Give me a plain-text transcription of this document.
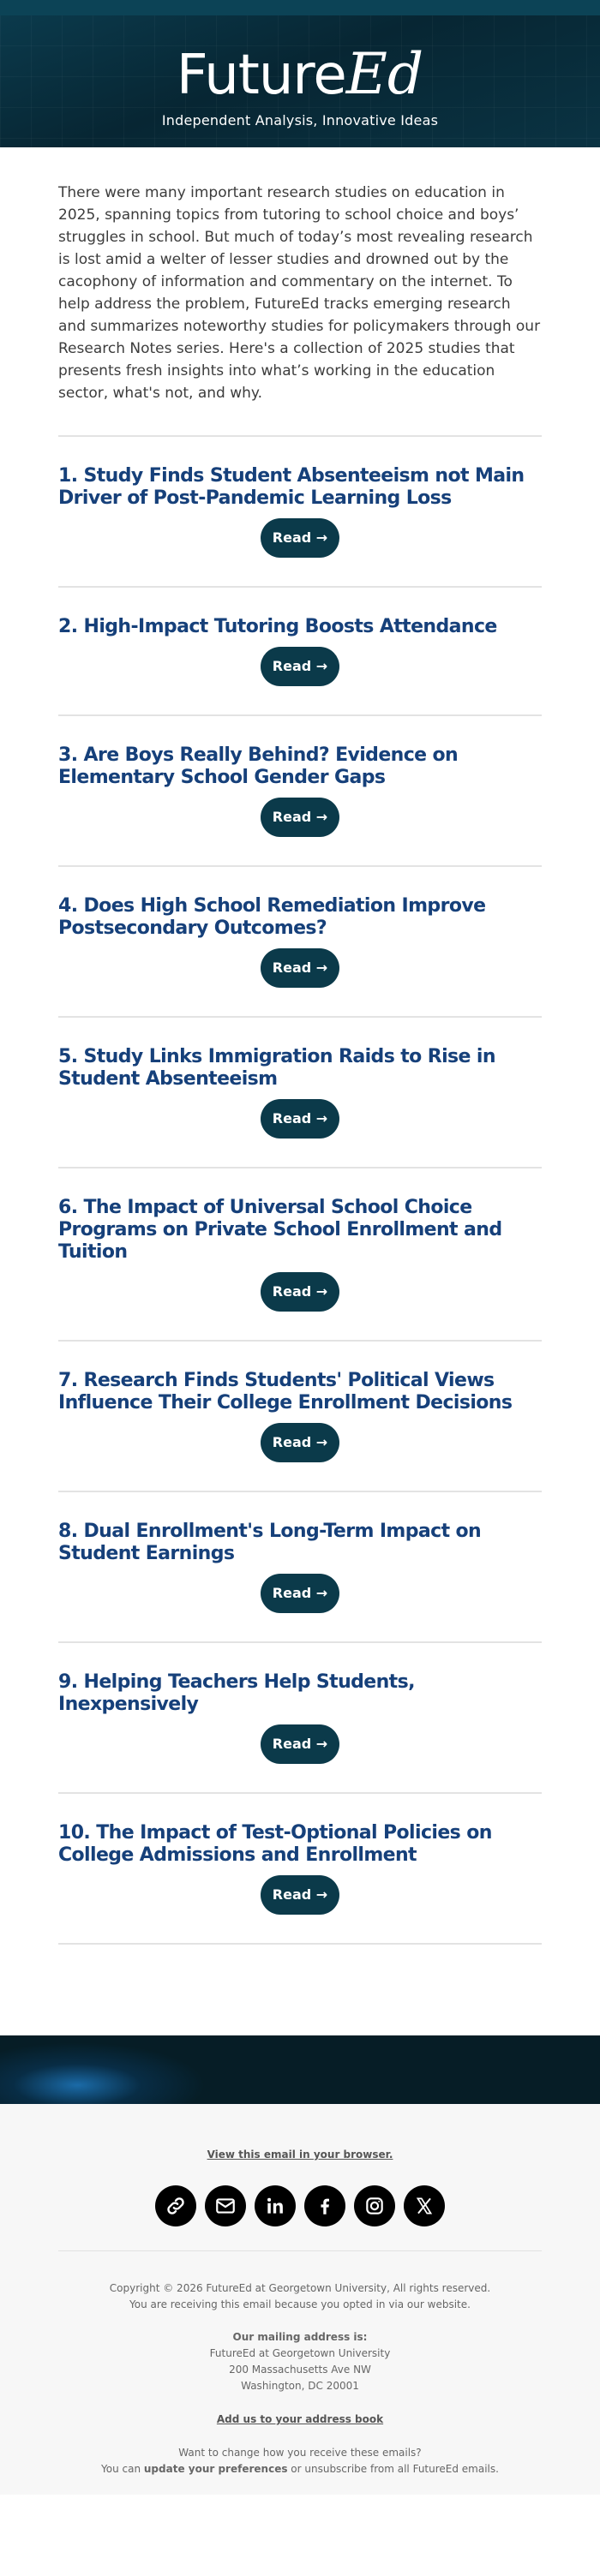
FutureEd
Independent Analysis, Innovative Ideas

There were many important research studies on education in 2025, spanning topics from tutoring to school choice and boys’ struggles in school. But much of today’s most revealing research is lost amid a welter of lesser studies and drowned out by the cacophony of information and commentary on the internet. To help address the problem, FutureEd tracks emerging research and summarizes noteworthy studies for policymakers through our Research Notes series. Here's a collection of 2025 studies that presents fresh insights into what’s working in the education sector, what's not, and why.

1. Study Finds Student Absenteeism not Main Driver of Post-Pandemic Learning Loss
Read →
2. High-Impact Tutoring Boosts Attendance
Read →
3. Are Boys Really Behind? Evidence on Elementary School Gender Gaps
Read →
4. Does High School Remediation Improve Postsecondary Outcomes?
Read →
5. Study Links Immigration Raids to Rise in Student Absenteeism
Read →
6. The Impact of Universal School Choice Programs on Private School Enrollment and Tuition
Read →
7. Research Finds Students' Political Views Influence Their College Enrollment Decisions
Read →
8. Dual Enrollment's Long-Term Impact on Student Earnings
Read →
9. Helping Teachers Help Students, Inexpensively
Read →
10. The Impact of Test-Optional Policies on College Admissions and Enrollment
Read →
View this email in your browser.
Copyright © 2026 FutureEd at Georgetown University, All rights reserved.
You are receiving this email because you opted in via our website.
Our mailing address is:
FutureEd at Georgetown University
200 Massachusetts Ave NW
Washington, DC 20001
Add us to your address book
Want to change how you receive these emails?
You can update your preferences or unsubscribe from all FutureEd emails.
